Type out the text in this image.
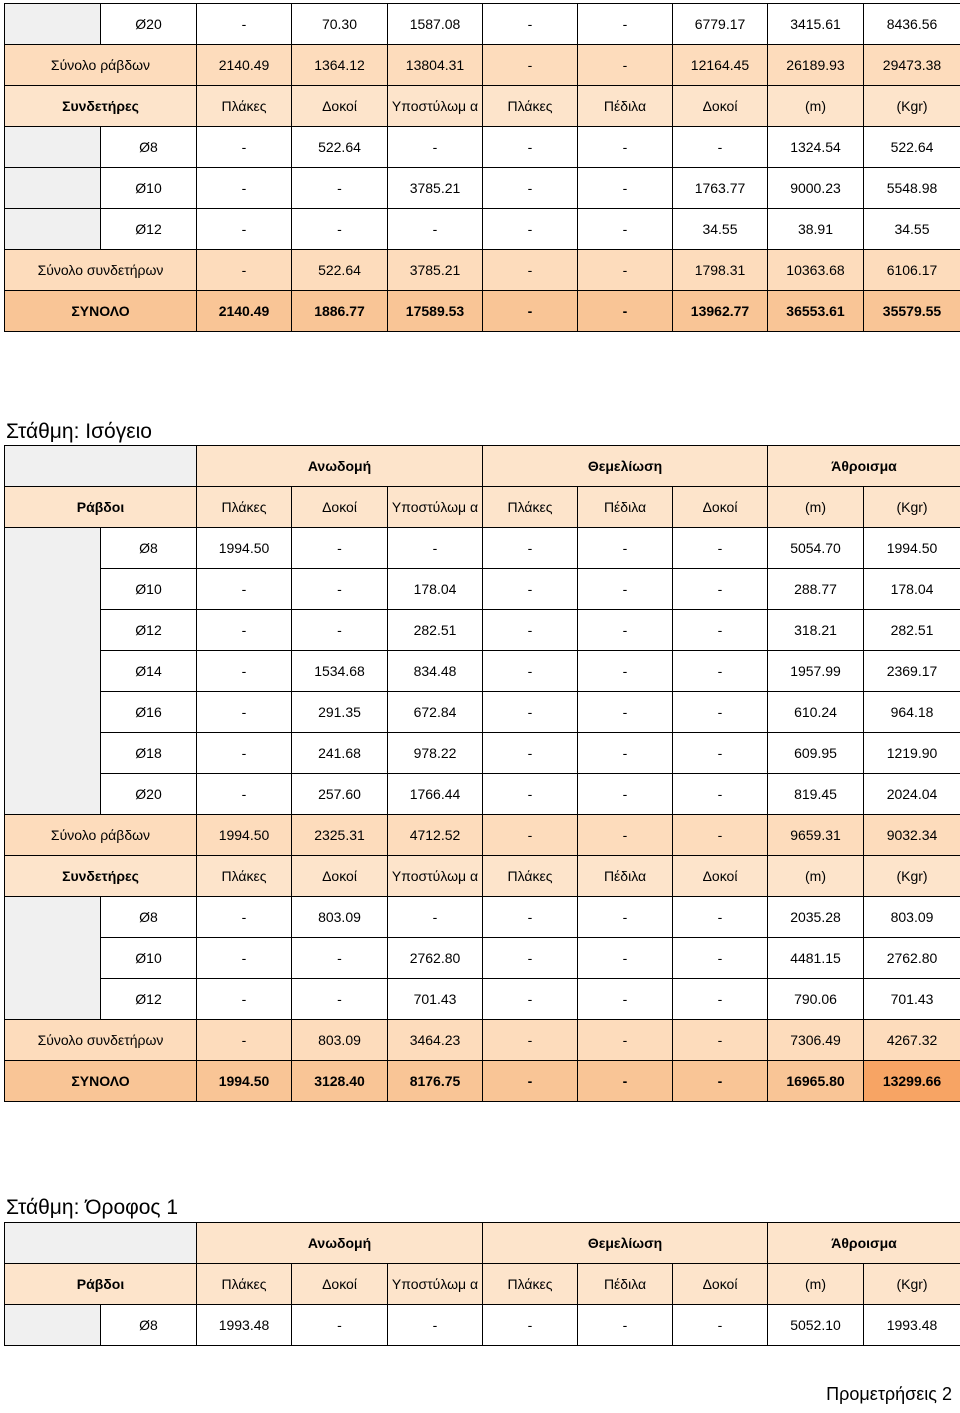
	Ø20	-	70.30	1587.08	-	-	6779.17	3415.61	8436.56
Σύνολο ράβδων		2140.49	1364.12	13804.31	-	-	12164.45	26189.93	29473.38
Συνδετήρες		Πλάκες	Δοκοί	Υποστύλωμ α	Πλάκες	Πέδιλα	Δοκοί	(m)	(Kgr)
	Ø8	-	522.64	-	-	-	-	1324.54	522.64
	Ø10	-	-	3785.21	-	-	1763.77	9000.23	5548.98
	Ø12	-	-	-	-	-	34.55	38.91	34.55
Σύνολο συνδετήρων		-	522.64	3785.21	-	-	1798.31	10363.68	6106.17
ΣΥΝΟΛΟ		2140.49	1886.77	17589.53	-	-	13962.77	36553.61	35579.55
Στάθμη: Ισόγειο
		Ανωδομή			Θεμελίωση			Άθροισμα	
Ράβδοι		Πλάκες	Δοκοί	Υποστύλωμ α	Πλάκες	Πέδιλα	Δοκοί	(m)	(Kgr)
	Ø8	1994.50	-	-	-	-	-	5054.70	1994.50
	Ø10	-	-	178.04	-	-	-	288.77	178.04
	Ø12	-	-	282.51	-	-	-	318.21	282.51
	Ø14	-	1534.68	834.48	-	-	-	1957.99	2369.17
	Ø16	-	291.35	672.84	-	-	-	610.24	964.18
	Ø18	-	241.68	978.22	-	-	-	609.95	1219.90
	Ø20	-	257.60	1766.44	-	-	-	819.45	2024.04
Σύνολο ράβδων		1994.50	2325.31	4712.52	-	-	-	9659.31	9032.34
Συνδετήρες		Πλάκες	Δοκοί	Υποστύλωμ α	Πλάκες	Πέδιλα	Δοκοί	(m)	(Kgr)
	Ø8	-	803.09	-	-	-	-	2035.28	803.09
	Ø10	-	-	2762.80	-	-	-	4481.15	2762.80
	Ø12	-	-	701.43	-	-	-	790.06	701.43
Σύνολο συνδετήρων		-	803.09	3464.23	-	-	-	7306.49	4267.32
ΣΥΝΟΛΟ		1994.50	3128.40	8176.75	-	-	-	16965.80	13299.66
Στάθμη: Όροφος 1
		Ανωδομή			Θεμελίωση			Άθροισμα	
Ράβδοι		Πλάκες	Δοκοί	Υποστύλωμ α	Πλάκες	Πέδιλα	Δοκοί	(m)	(Kgr)
	Ø8	1993.48	-	-	-	-	-	5052.10	1993.48
Προμετρήσεις 2
